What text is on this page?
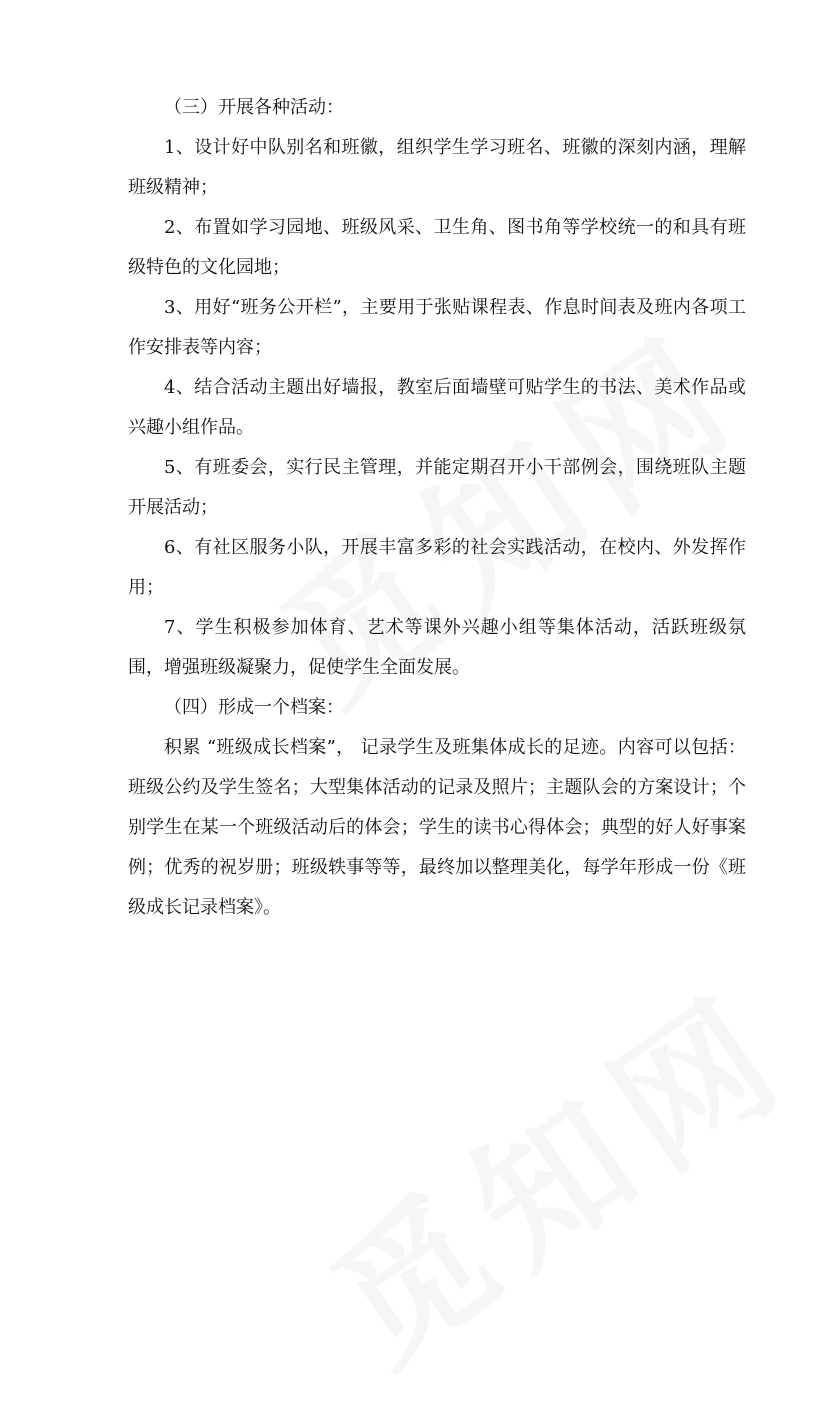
（三）开展各种活动：

1、设计好中队别名和班徽，组织学生学习班名、班徽的深刻内涵，理解班级精神；

2、布置如学习园地、班级风采、卫生角、图书角等学校统一的和具有班级特色的文化园地；

3、用好“班务公开栏”，主要用于张贴课程表、作息时间表及班内各项工作安排表等内容；

4、结合活动主题出好墙报，教室后面墙壁可贴学生的书法、美术作品或兴趣小组作品。

5、有班委会，实行民主管理，并能定期召开小干部例会，围绕班队主题开展活动；

6、有社区服务小队，开展丰富多彩的社会实践活动，在校内、外发挥作用；

7、学生积极参加体育、艺术等课外兴趣小组等集体活动，活跃班级氛围，增强班级凝聚力，促使学生全面发展。

（四）形成一个档案：

积累 “班级成长档案”， 记录学生及班集体成长的足迹。内容可以包括：班级公约及学生签名；大型集体活动的记录及照片；主题队会的方案设计；个别学生在某一个班级活动后的体会；学生的读书心得体会；典型的好人好事案例；优秀的祝岁册；班级轶事等等，最终加以整理美化，每学年形成一份《班级成长记录档案》。
